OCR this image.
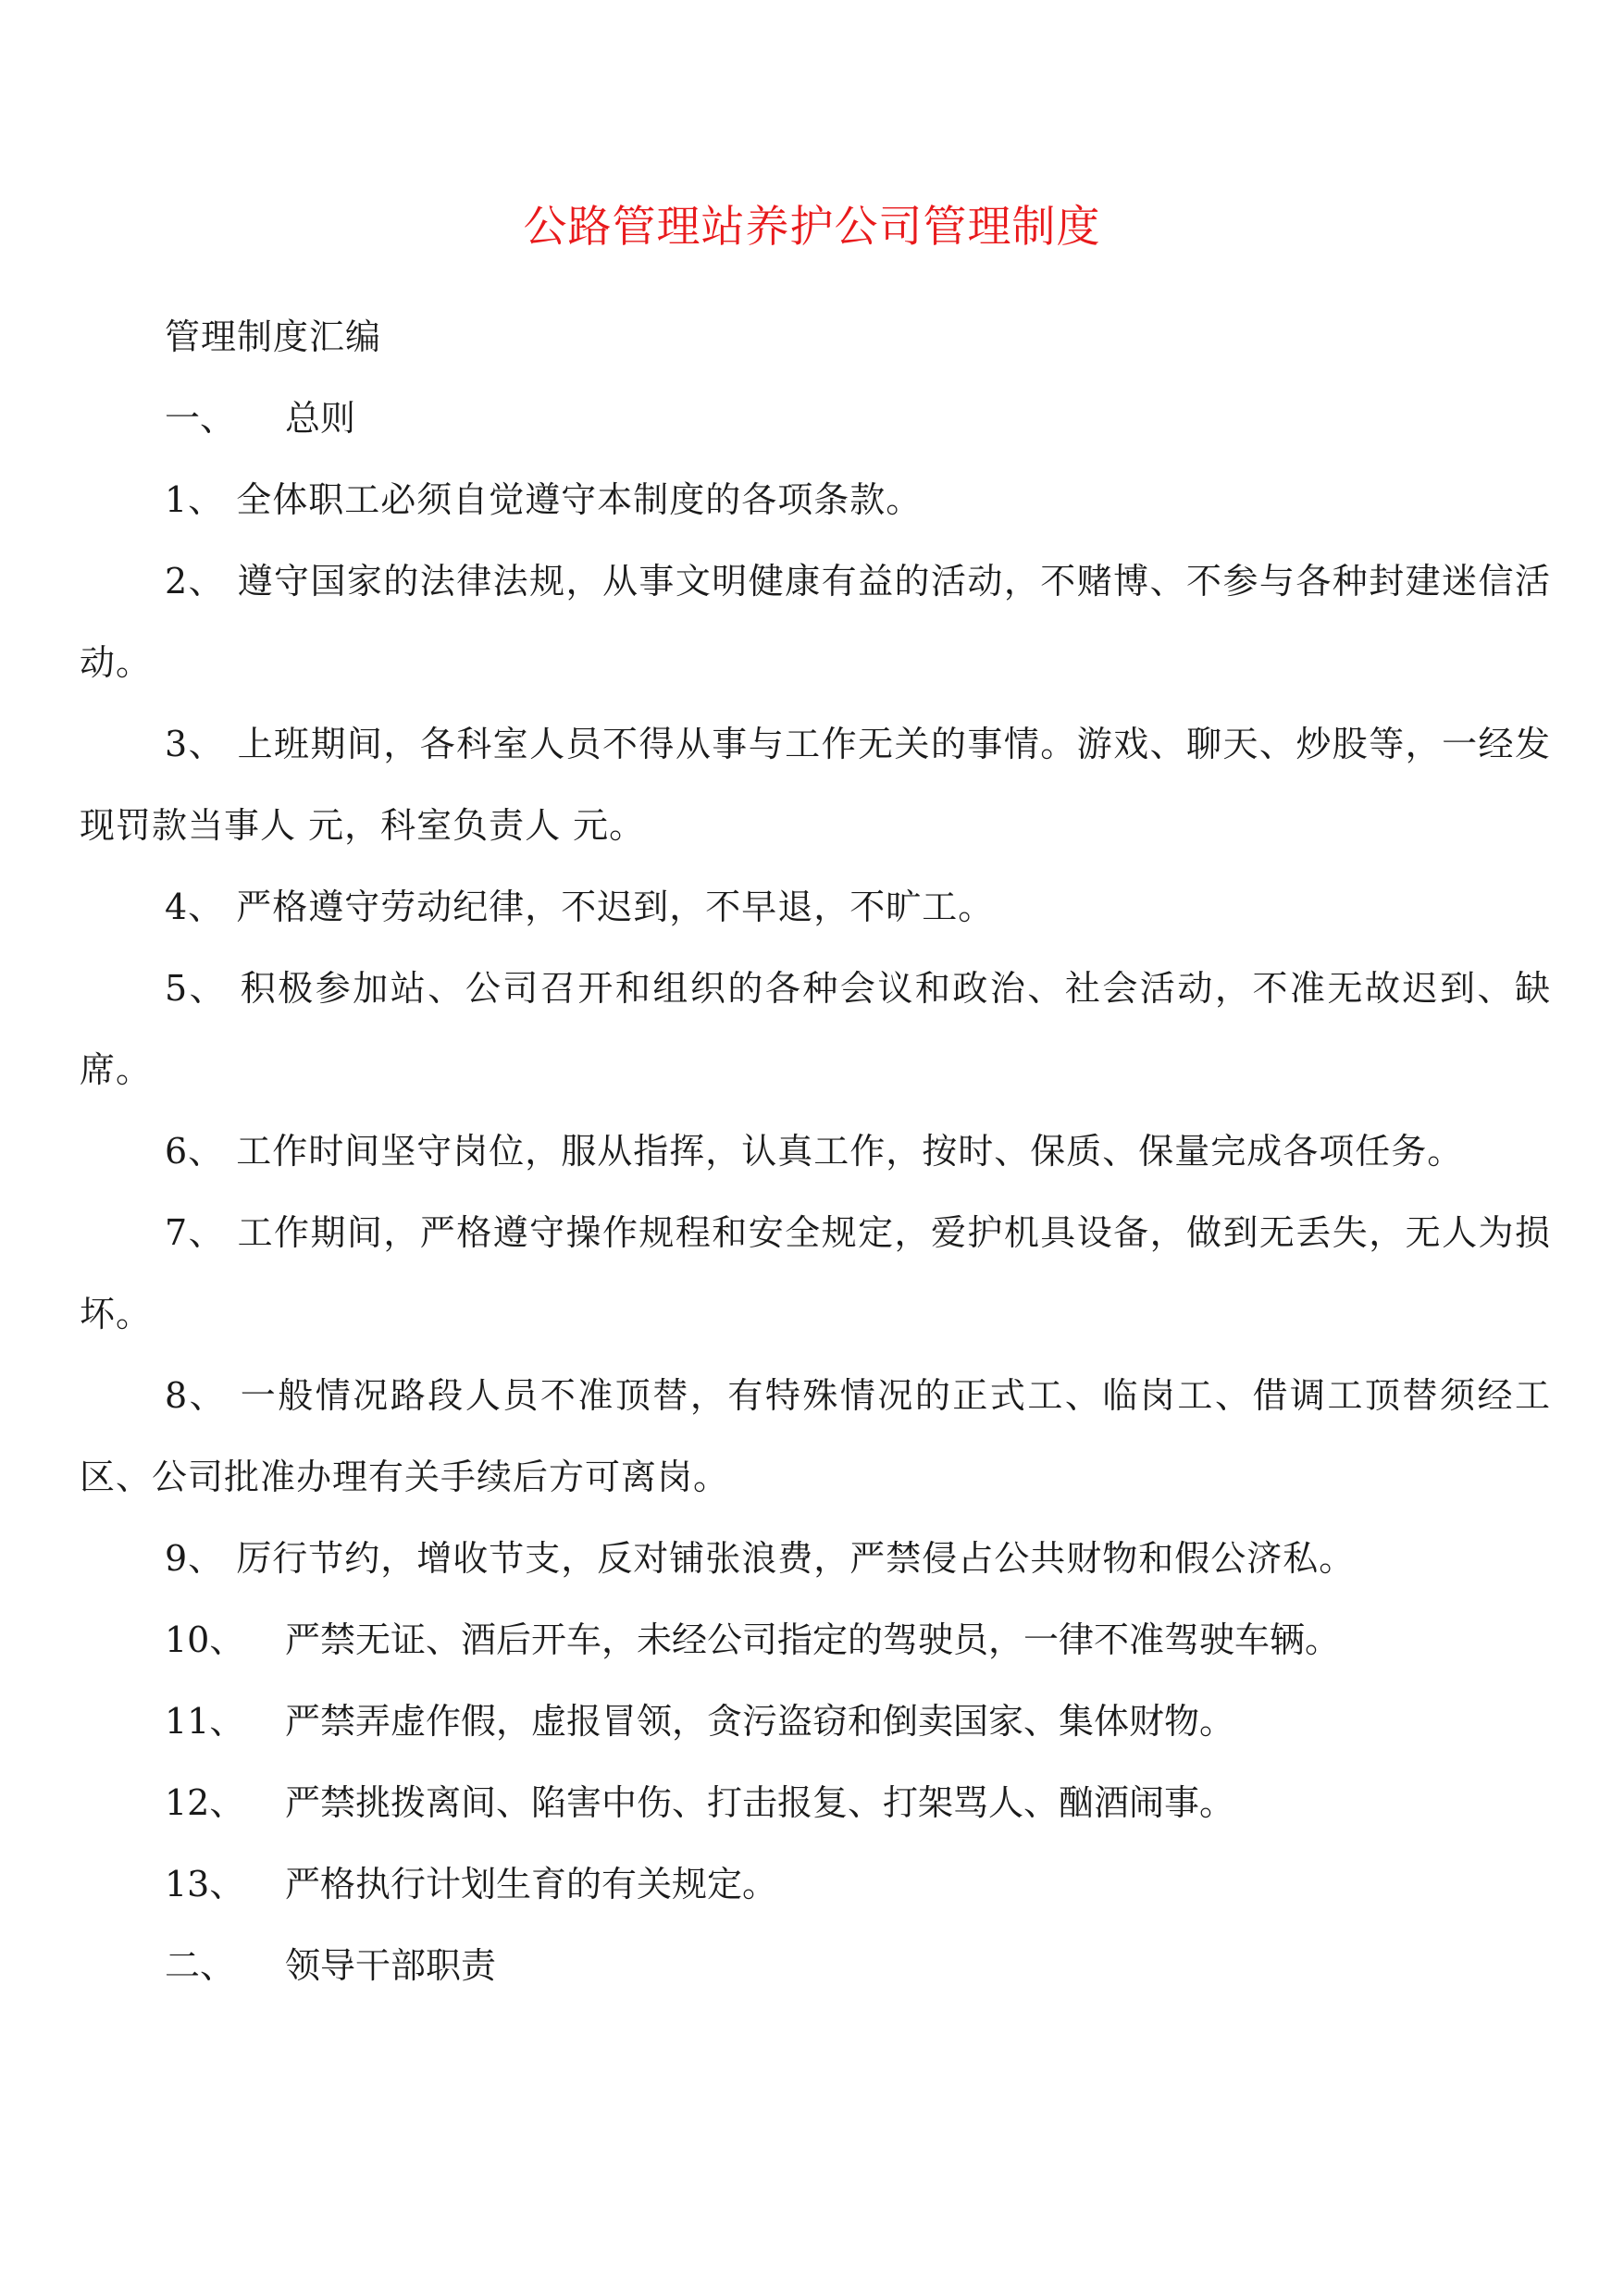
公路管理站养护公司管理制度

管理制度汇编

一、 总则

1、 全体职工必须自觉遵守本制度的各项条款。

2、 遵守国家的法律法规，从事文明健康有益的活动，不赌博、不参与各种封建迷信活动。

3、 上班期间，各科室人员不得从事与工作无关的事情。游戏、聊天、炒股等，一经发现罚款当事人 元，科室负责人 元。

4、 严格遵守劳动纪律，不迟到，不早退，不旷工。

5、 积极参加站、公司召开和组织的各种会议和政治、社会活动，不准无故迟到、缺席。

6、 工作时间坚守岗位，服从指挥，认真工作，按时、保质、保量完成各项任务。

7、 工作期间，严格遵守操作规程和安全规定，爱护机具设备，做到无丢失，无人为损坏。

8、 一般情况路段人员不准顶替，有特殊情况的正式工、临岗工、借调工顶替须经工区、公司批准办理有关手续后方可离岗。

9、 厉行节约，增收节支，反对铺张浪费，严禁侵占公共财物和假公济私。

10、 严禁无证、酒后开车，未经公司指定的驾驶员，一律不准驾驶车辆。

11、 严禁弄虚作假，虚报冒领，贪污盗窃和倒卖国家、集体财物。

12、 严禁挑拨离间、陷害中伤、打击报复、打架骂人、酗酒闹事。

13、 严格执行计划生育的有关规定。

二、 领导干部职责
